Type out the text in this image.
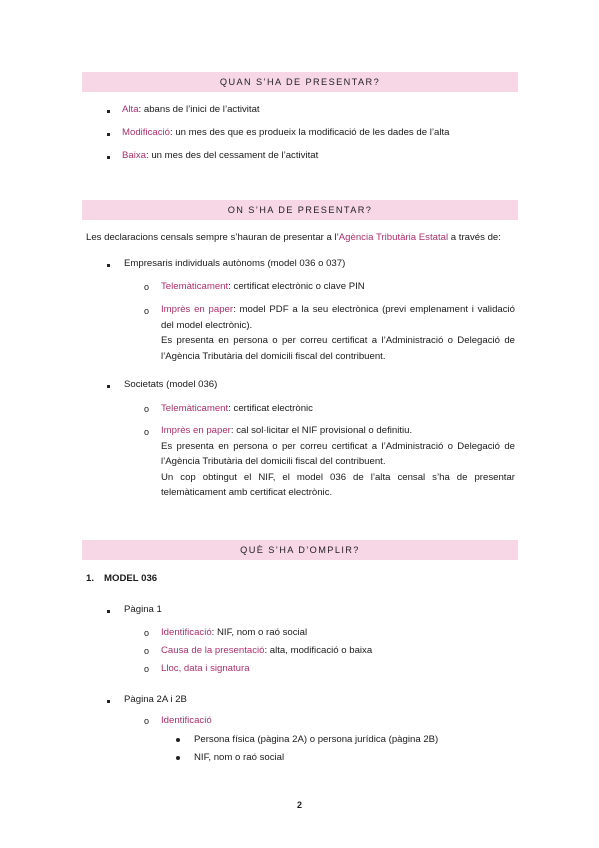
QUAN S’HA DE PRESENTAR?
Alta: abans de l’inici de l’activitat
Modificació: un mes des que es produeix la modificació de les dades de l’alta
Baixa: un mes des del cessament de l’activitat
ON S’HA DE PRESENTAR?
Les declaracions censals sempre s’hauran de presentar a l’Agència Tributària Estatal a través de:
Empresaris individuals autònoms (model 036 o 037)
o Telemàticament: certificat electrònic o clave PIN
o Imprès en paper: model PDF a la seu electrònica (previ emplenament i validació del model electrònic).
Es presenta en persona o per correu certificat a l’Administració o Delegació de l’Agència Tributària del domicili fiscal del contribuent.
Societats (model 036)
o Telemàticament: certificat electrònic
o Imprès en paper: cal sol·licitar el NIF provisional o definitiu.
Es presenta en persona o per correu certificat a l’Administració o Delegació de l’Agència Tributària del domicili fiscal del contribuent.
Un cop obtingut el NIF, el model 036 de l’alta censal s’ha de presentar telemàticament amb certificat electrònic.
QUÈ S’HA D’OMPLIR?
1. MODEL 036
Pàgina 1
o Identificació: NIF, nom o raó social
o Causa de la presentació: alta, modificació o baixa
o Lloc, data i signatura
Pàgina 2A i 2B
o Identificació
Persona física (pàgina 2A) o persona jurídica (pàgina 2B)
NIF, nom o raó social
2
